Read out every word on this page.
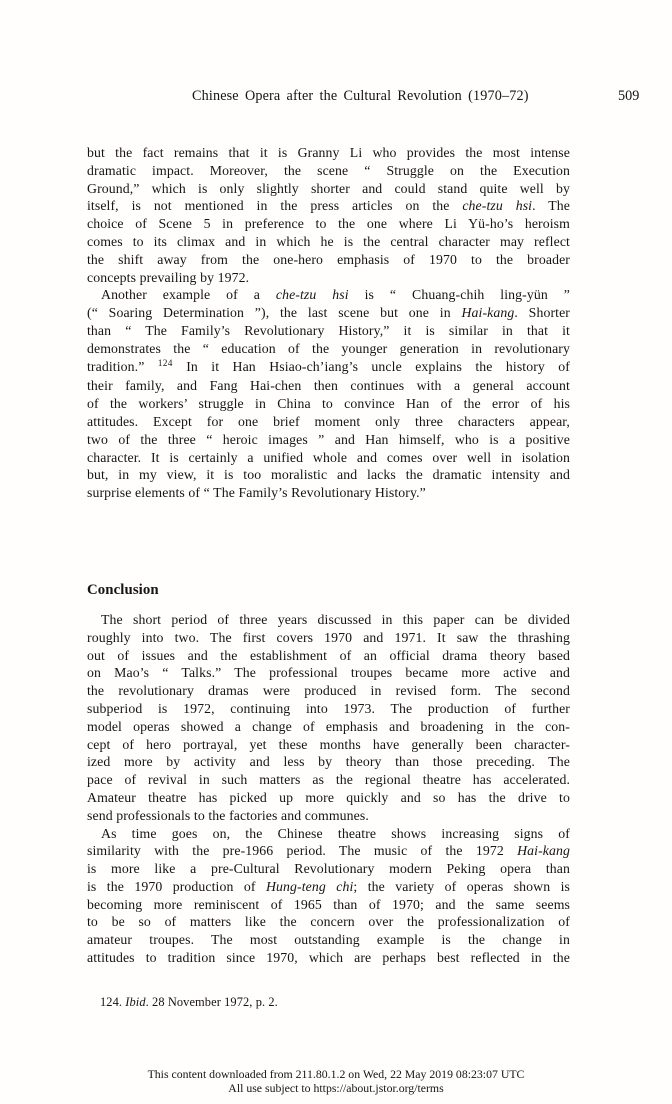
Chinese Opera after the Cultural Revolution (1970–72)	509
but the fact remains that it is Granny Li who provides the most intense
dramatic impact. Moreover, the scene “ Struggle on the Execution
Ground,” which is only slightly shorter and could stand quite well by
itself, is not mentioned in the press articles on the che-tzu hsi. The
choice of Scene 5 in preference to the one where Li Yü-ho’s heroism
comes to its climax and in which he is the central character may reflect
the shift away from the one-hero emphasis of 1970 to the broader
concepts prevailing by 1972.
Another example of a che-tzu hsi is “ Chuang-chih ling-yün ”
(“ Soaring Determination ”), the last scene but one in Hai-kang. Shorter
than “ The Family’s Revolutionary History,” it is similar in that it
demonstrates the “ education of the younger generation in revolutionary
tradition.” $^{124}$ In it Han Hsiao-ch’iang’s uncle explains the history of
their family, and Fang Hai-chen then continues with a general account
of the workers’ struggle in China to convince Han of the error of his
attitudes. Except for one brief moment only three characters appear,
two of the three “ heroic images ” and Han himself, who is a positive
character. It is certainly a unified whole and comes over well in isolation
but, in my view, it is too moralistic and lacks the dramatic intensity and
surprise elements of “ The Family’s Revolutionary History.”
Conclusion
The short period of three years discussed in this paper can be divided
roughly into two. The first covers 1970 and 1971. It saw the thrashing
out of issues and the establishment of an official drama theory based
on Mao’s “ Talks.” The professional troupes became more active and
the revolutionary dramas were produced in revised form. The second
subperiod is 1972, continuing into 1973. The production of further
model operas showed a change of emphasis and broadening in the con-
cept of hero portrayal, yet these months have generally been character-
ized more by activity and less by theory than those preceding. The
pace of revival in such matters as the regional theatre has accelerated.
Amateur theatre has picked up more quickly and so has the drive to
send professionals to the factories and communes.
As time goes on, the Chinese theatre shows increasing signs of
similarity with the pre-1966 period. The music of the 1972 Hai-kang
is more like a pre-Cultural Revolutionary modern Peking opera than
is the 1970 production of Hung-teng chi; the variety of operas shown is
becoming more reminiscent of 1965 than of 1970; and the same seems
to be so of matters like the concern over the professionalization of
amateur troupes. The most outstanding example is the change in
attitudes to tradition since 1970, which are perhaps best reflected in the
124. Ibid. 28 November 1972, p. 2.
This content downloaded from 211.80.1.2 on Wed, 22 May 2019 08:23:07 UTC
All use subject to https://about.jstor.org/terms
